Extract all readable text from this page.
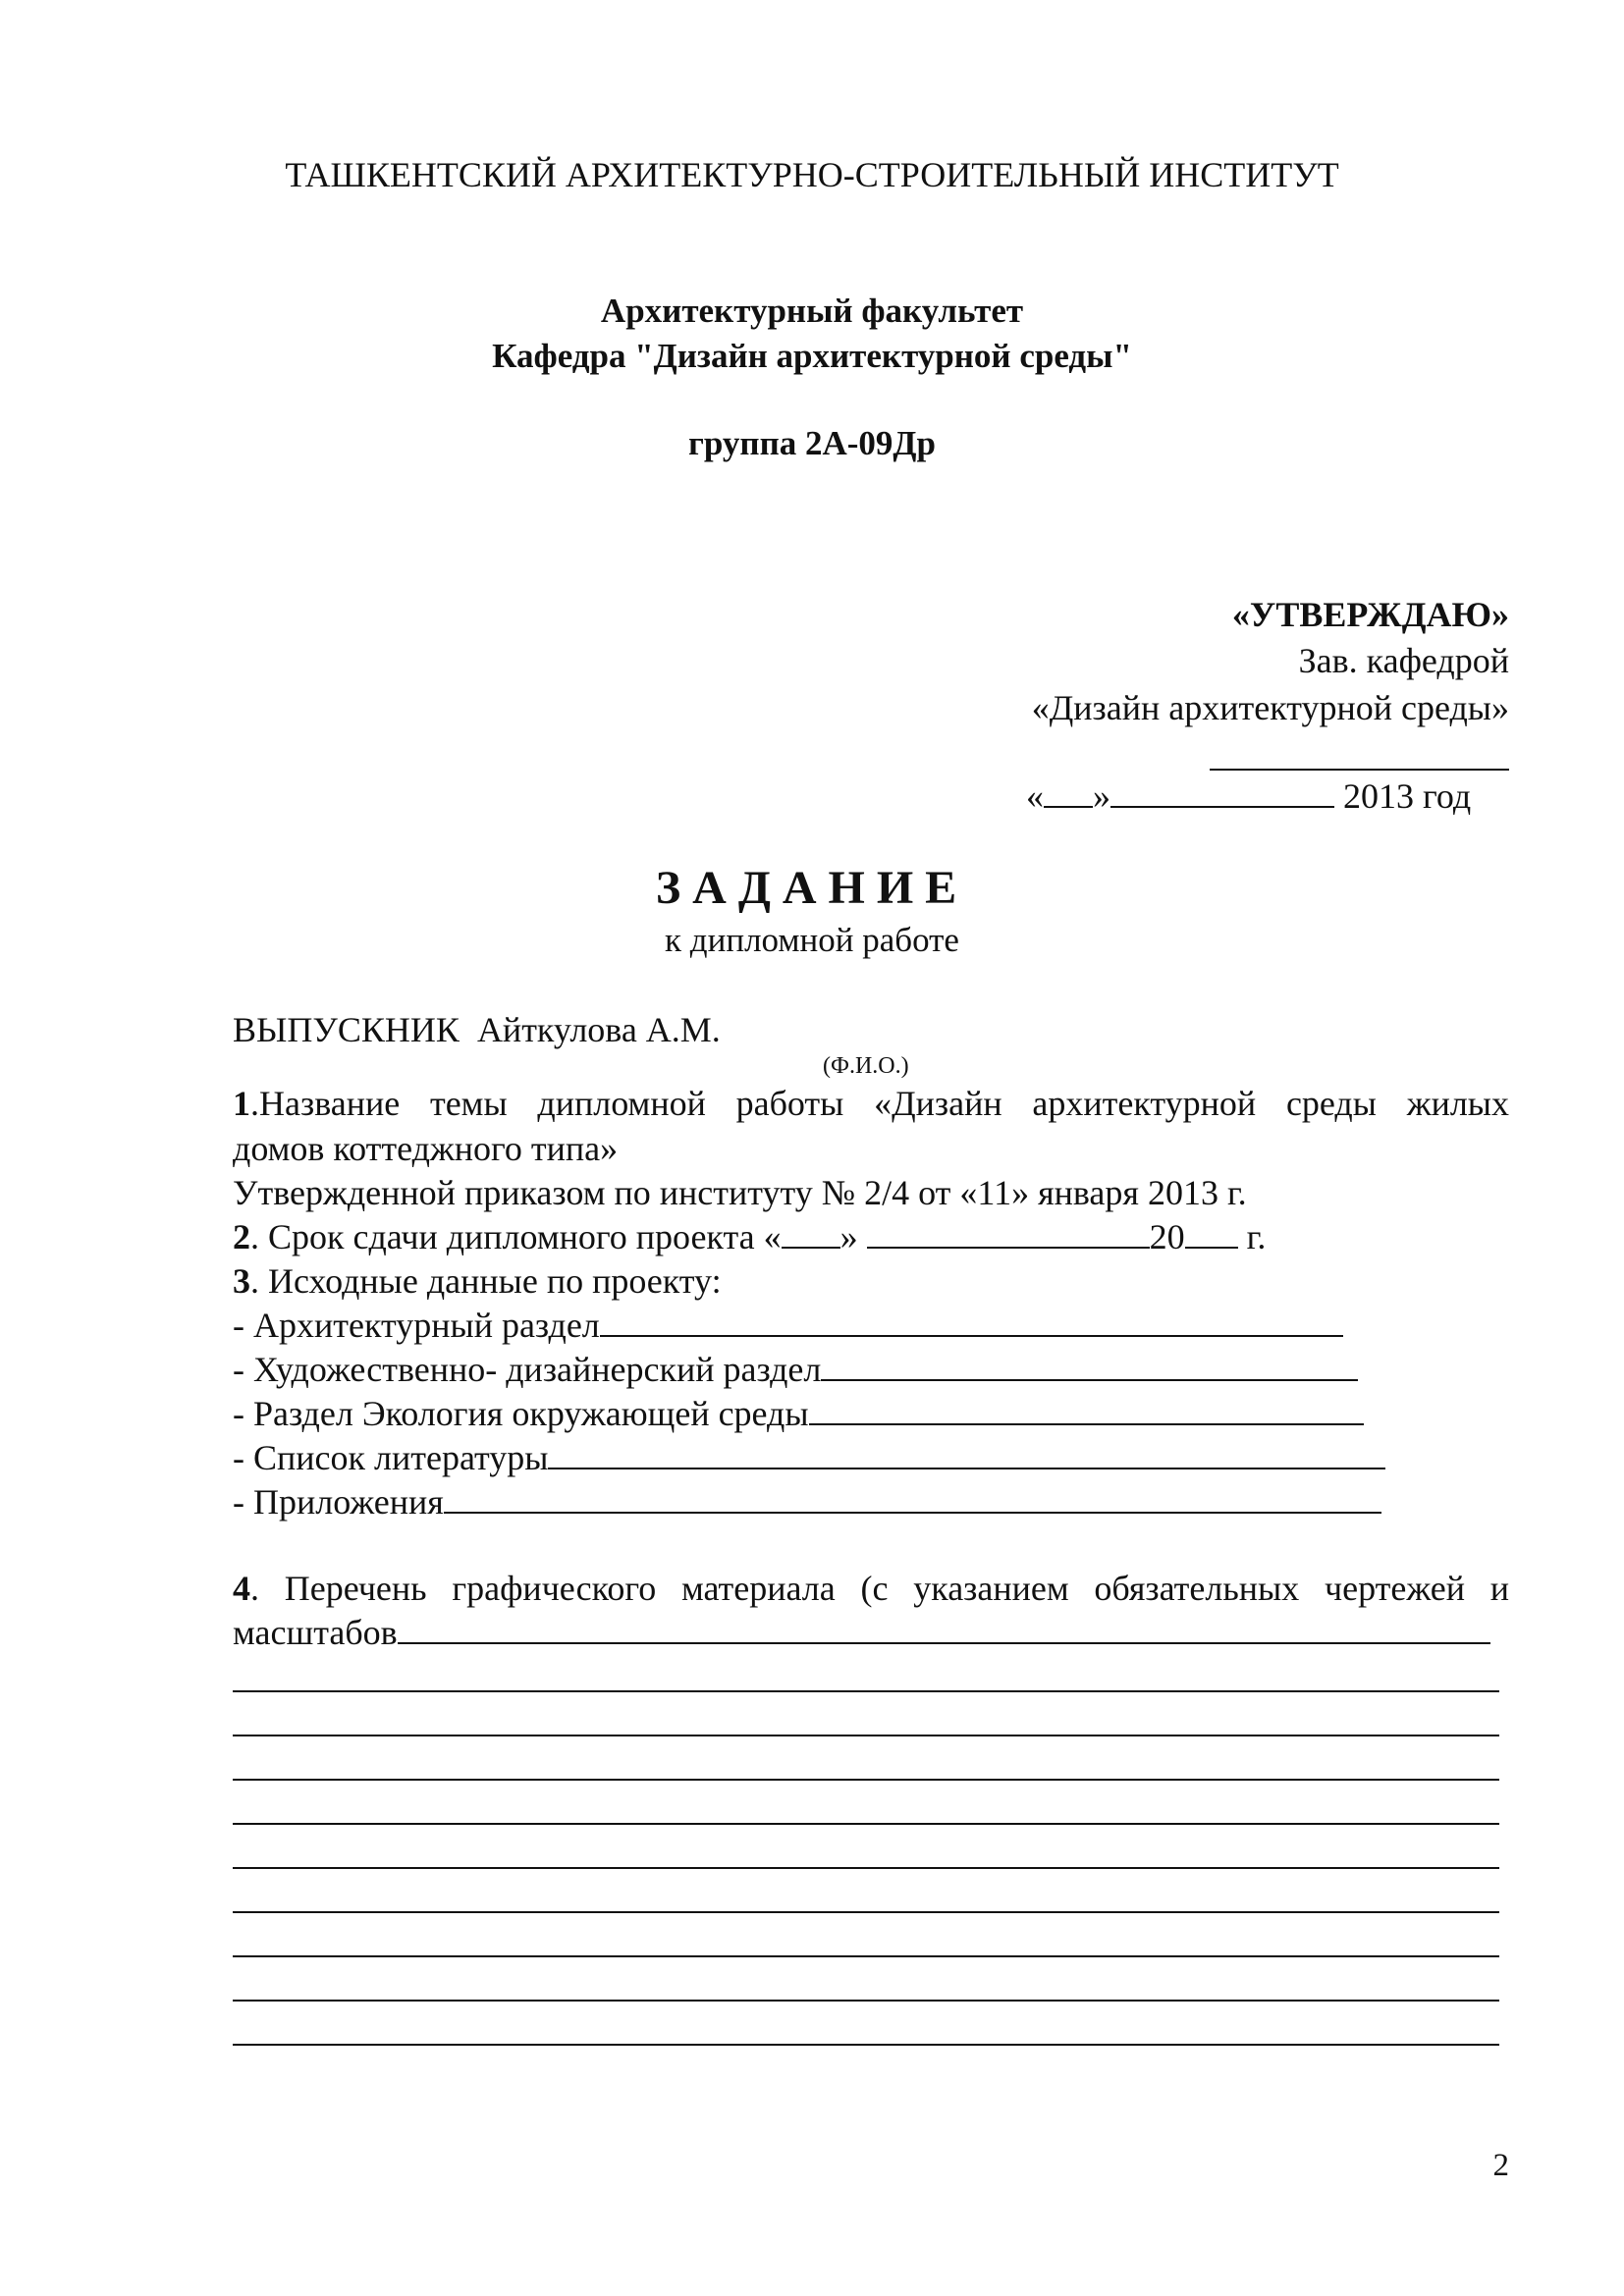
ТАШКЕНТСКИЙ АРХИТЕКТУРНО-СТРОИТЕЛЬНЫЙ ИНСТИТУТ
Архитектурный факультет
Кафедра "Дизайн архитектурной среды"
группа 2А-09Др
«УТВЕРЖДАЮ»
Зав. кафедрой
«Дизайн архитектурной среды»
« »	2013 год
ЗАДАНИЕ
к дипломной работе
ВЫПУСКНИК Айткулова А.М.
(Ф.И.О.)
1.Название темы дипломной работы «Дизайн архитектурной среды жилых
домов коттеджного типа»
Утвержденной приказом по институту № 2/4 от «11» января 2013 г.
2. Срок сдачи дипломного проекта « »	20 г.
3. Исходные данные по проекту:
- Архитектурный раздел
- Художественно- дизайнерский раздел
- Раздел Экология окружающей среды
- Список литературы
- Приложения
4. Перечень графического материала (с указанием обязательных чертежей и
масштабов
2
